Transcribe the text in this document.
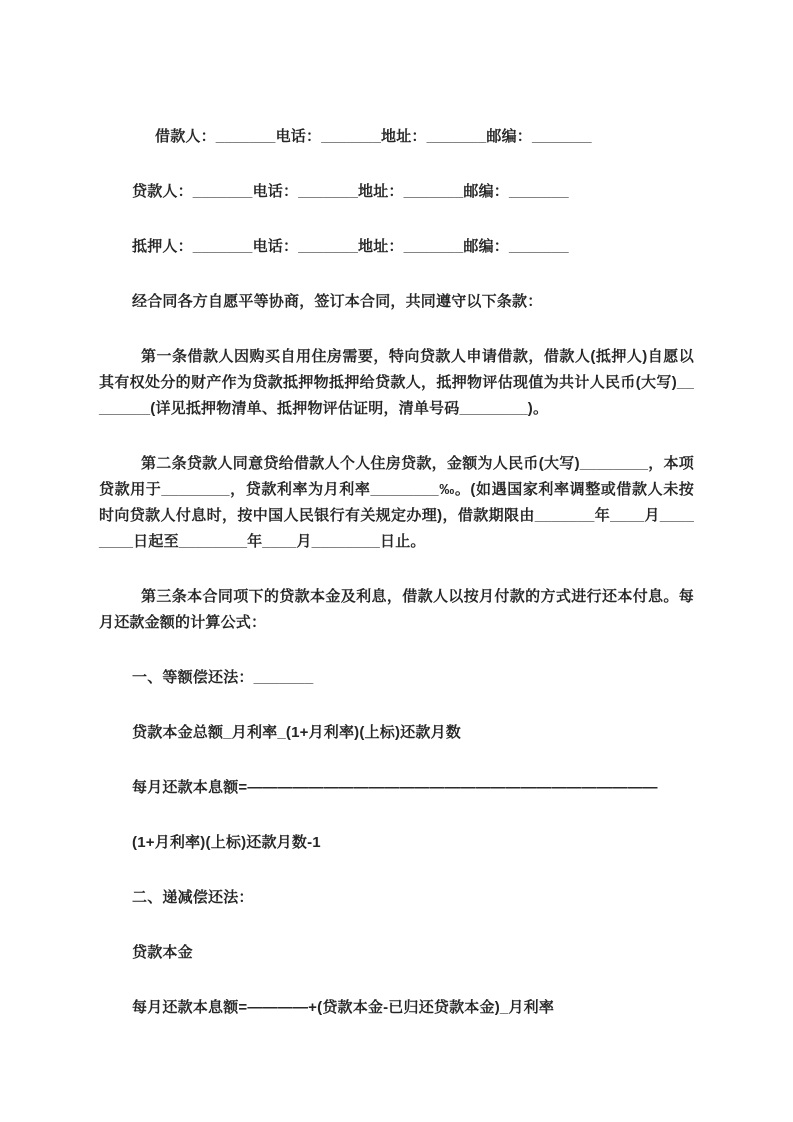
借款人：_______电话：_______地址：_______邮编：_______

贷款人：_______电话：_______地址：_______邮编：_______

抵押人：_______电话：_______地址：_______邮编：_______

经合同各方自愿平等协商，签订本合同，共同遵守以下条款：

第一条借款人因购买自用住房需要，特向贷款人申请借款，借款人(抵押人)自愿以其有权处分的财产作为贷款抵押物抵押给贷款人，抵押物评估现值为共计人民币(大写)________(详见抵押物清单、抵押物评估证明，清单号码________)。

第二条贷款人同意贷给借款人个人住房贷款，金额为人民币(大写)________，本项贷款用于________，贷款利率为月利率________‰。(如遇国家利率调整或借款人未按时向贷款人付息时，按中国人民银行有关规定办理)，借款期限由_______年____月________日起至________年____月________日止。

第三条本合同项下的贷款本金及利息，借款人以按月付款的方式进行还本付息。每月还款金额的计算公式：

一、等额偿还法：_______

贷款本金总额_月利率_(1+月利率)(上标)还款月数

每月还款本息额=———————————————————————————

(1+月利率)(上标)还款月数-1

二、递减偿还法：

贷款本金

每月还款本息额=————+(贷款本金-已归还贷款本金)_月利率
